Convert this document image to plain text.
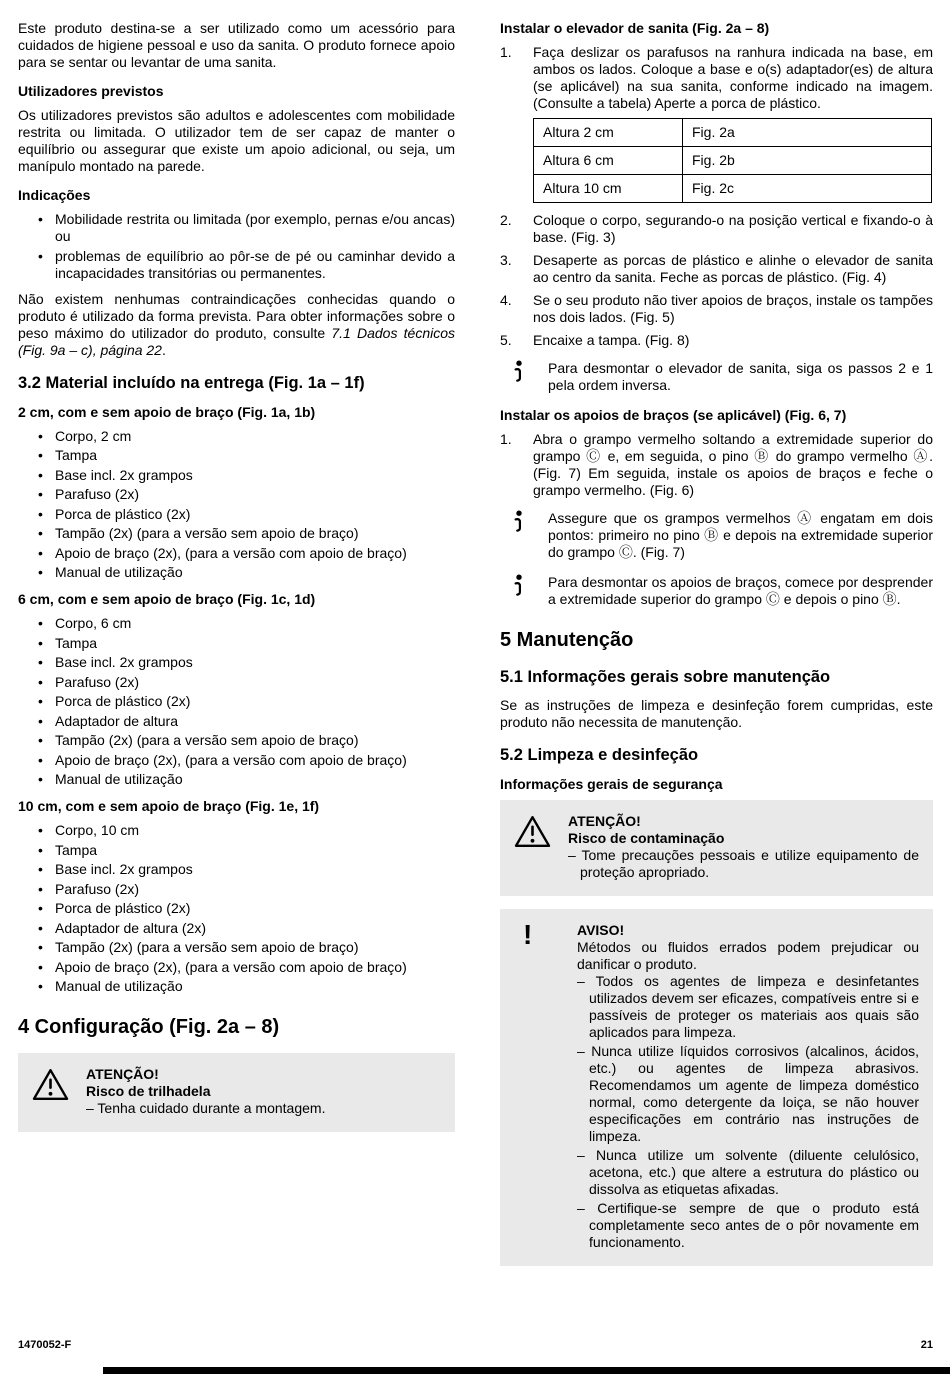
Este produto destina-se a ser utilizado como um acessório para cuidados de higiene pessoal e uso da sanita. O produto fornece apoio para se sentar ou levantar de uma sanita.

Utilizadores previstos

Os utilizadores previstos são adultos e adolescentes com mobilidade restrita ou limitada. O utilizador tem de ser capaz de manter o equilíbrio ou assegurar que existe um apoio adicional, ou seja, um manípulo montado na parede.

Indicações
• Mobilidade restrita ou limitada (por exemplo, pernas e/ou ancas) ou
• problemas de equilíbrio ao pôr-se de pé ou caminhar devido a incapacidades transitórias ou permanentes.

Não existem nenhumas contraindicações conhecidas quando o produto é utilizado da forma prevista. Para obter informações sobre o peso máximo do utilizador do produto, consulte 7.1 Dados técnicos (Fig. 9a – c), página 22.

3.2 Material incluído na entrega (Fig. 1a – 1f)
2 cm, com e sem apoio de braço (Fig. 1a, 1b)
• Corpo, 2 cm
• Tampa
• Base incl. 2x grampos
• Parafuso (2x)
• Porca de plástico (2x)
• Tampão (2x) (para a versão sem apoio de braço)
• Apoio de braço (2x), (para a versão com apoio de braço)
• Manual de utilização
6 cm, com e sem apoio de braço (Fig. 1c, 1d)
• Corpo, 6 cm
• Tampa
• Base incl. 2x grampos
• Parafuso (2x)
• Porca de plástico (2x)
• Adaptador de altura
• Tampão (2x) (para a versão sem apoio de braço)
• Apoio de braço (2x), (para a versão com apoio de braço)
• Manual de utilização
10 cm, com e sem apoio de braço (Fig. 1e, 1f)
• Corpo, 10 cm
• Tampa
• Base incl. 2x grampos
• Parafuso (2x)
• Porca de plástico (2x)
• Adaptador de altura (2x)
• Tampão (2x) (para a versão sem apoio de braço)
• Apoio de braço (2x), (para a versão com apoio de braço)
• Manual de utilização
4 Configuração (Fig. 2a – 8)
ATENÇÃO!
Risco de trilhadela
– Tenha cuidado durante a montagem.
Instalar o elevador de sanita (Fig. 2a – 8)
1.	Faça deslizar os parafusos na ranhura indicada na base, em ambos os lados. Coloque a base e o(s) adaptador(es) de altura (se aplicável) na sua sanita, conforme indicado na imagem. (Consulte a tabela) Aperte a porca de plástico.
Altura 2 cm	Fig. 2a
Altura 6 cm	Fig. 2b
Altura 10 cm	Fig. 2c
2.	Coloque o corpo, segurando-o na posição vertical e fixando-o à base. (Fig. 3)
3.	Desaperte as porcas de plástico e alinhe o elevador de sanita ao centro da sanita. Feche as porcas de plástico. (Fig. 4)
4.	Se o seu produto não tiver apoios de braços, instale os tampões nos dois lados. (Fig. 5)
5.	Encaixe a tampa. (Fig. 8)
Para desmontar o elevador de sanita, siga os passos 2 e 1 pela ordem inversa.
Instalar os apoios de braços (se aplicável) (Fig. 6, 7)
1.	Abra o grampo vermelho soltando a extremidade superior do grampo Ⓒ e, em seguida, o pino Ⓑ do grampo vermelho Ⓐ. (Fig. 7) Em seguida, instale os apoios de braços e feche o grampo vermelho. (Fig. 6)
Assegure que os grampos vermelhos Ⓐ engatam em dois pontos: primeiro no pino Ⓑ e depois na extremidade superior do grampo Ⓒ. (Fig. 7)
Para desmontar os apoios de braços, comece por desprender a extremidade superior do grampo Ⓒ e depois o pino Ⓑ.
5 Manutenção
5.1 Informações gerais sobre manutenção

Se as instruções de limpeza e desinfeção forem cumpridas, este produto não necessita de manutenção.

5.2 Limpeza e desinfeção
Informações gerais de segurança
ATENÇÃO!
Risco de contaminação
– Tome precauções pessoais e utilize equipamento de proteção apropriado.
!	AVISO!
Métodos ou fluidos errados podem prejudicar ou danificar o produto.
– Todos os agentes de limpeza e desinfetantes utilizados devem ser eficazes, compatíveis entre si e passíveis de proteger os materiais aos quais são aplicados para limpeza.
– Nunca utilize líquidos corrosivos (alcalinos, ácidos, etc.) ou agentes de limpeza abrasivos. Recomendamos um agente de limpeza doméstico normal, como detergente da loiça, se não houver especificações em contrário nas instruções de limpeza.
– Nunca utilize um solvente (diluente celulósico, acetona, etc.) que altere a estrutura do plástico ou dissolva as etiquetas afixadas.
– Certifique-se sempre de que o produto está completamente seco antes de o pôr novamente em funcionamento.
1470052-F	21
